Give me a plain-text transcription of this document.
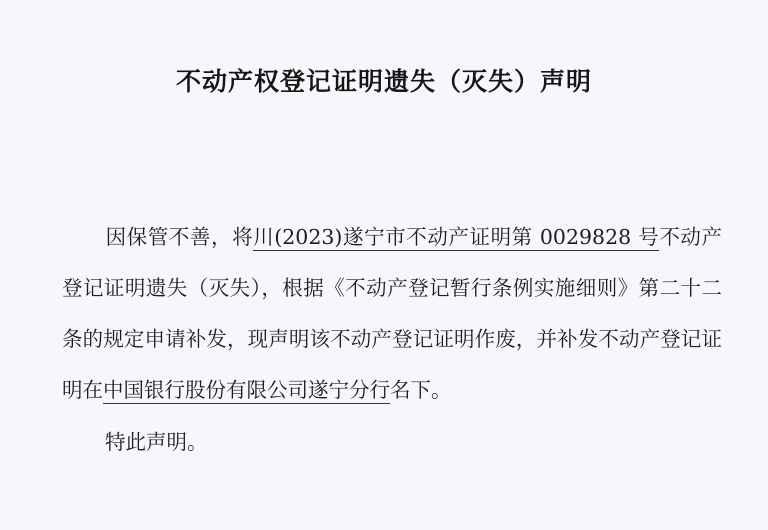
不动产权登记证明遗失（灭失）声明

因保管不善，将川(2023)遂宁市不动产证明第 0029828 号不动产登记证明遗失（灭失），根据《不动产登记暂行条例实施细则》第二十二条的规定申请补发，现声明该不动产登记证明作废，并补发不动产登记证明在中国银行股份有限公司遂宁分行名下。

特此声明。
